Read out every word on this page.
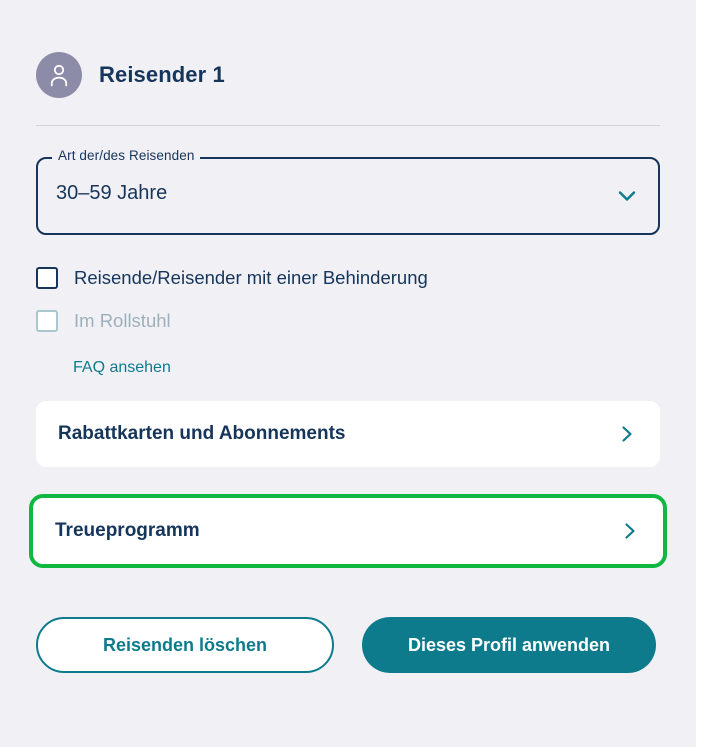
Reisender 1
Art der/des Reisenden
30–59 Jahre
Reisende/Reisender mit einer Behinderung
Im Rollstuhl
FAQ ansehen
Rabattkarten und Abonnements
Treueprogramm
Reisenden löschen	Dieses Profil anwenden
